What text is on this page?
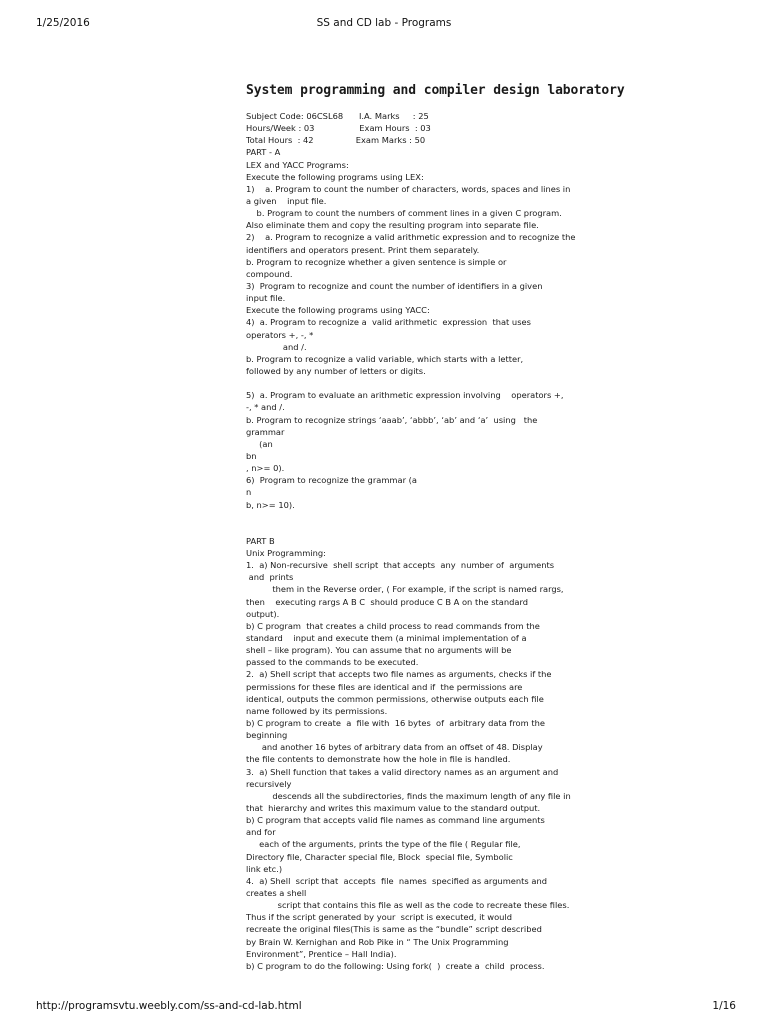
1/25/2016	SS and CD lab - Programs
System programming and compiler design laboratory
Subject Code: 06CSL68      I.A. Marks     : 25
Hours/Week : 03                 Exam Hours  : 03
Total Hours  : 42                Exam Marks : 50
PART - A
LEX and YACC Programs:
Execute the following programs using LEX:
1)    a. Program to count the number of characters, words, spaces and lines in
a given    input file.
b. Program to count the numbers of comment lines in a given C program.
Also eliminate them and copy the resulting program into separate file.
2)    a. Program to recognize a valid arithmetic expression and to recognize the
identifiers and operators present. Print them separately.
b. Program to recognize whether a given sentence is simple or
compound.
3)  Program to recognize and count the number of identifiers in a given
input file.
Execute the following programs using YACC:
4)  a. Program to recognize a  valid arithmetic  expression  that uses
operators +, -, *
and /.
b. Program to recognize a valid variable, which starts with a letter,
followed by any number of letters or digits.
5)  a. Program to evaluate an arithmetic expression involving    operators +,
-, * and /.
b. Program to recognize strings ‘aaab’, ‘abbb’, ‘ab’ and ‘a’  using   the
grammar
(an
bn
, n>= 0).
6)  Program to recognize the grammar (a
n
b, n>= 10).
PART B
Unix Programming:
1.  a) Non-recursive  shell script  that accepts  any  number of  arguments
and  prints
them in the Reverse order, ( For example, if the script is named rargs,
then    executing rargs A B C  should produce C B A on the standard
output).
b) C program  that creates a child process to read commands from the
standard    input and execute them (a minimal implementation of a
shell – like program). You can assume that no arguments will be
passed to the commands to be executed.
2.  a) Shell script that accepts two file names as arguments, checks if the
permissions for these files are identical and if  the permissions are
identical, outputs the common permissions, otherwise outputs each file
name followed by its permissions.
b) C program to create  a  file with  16 bytes  of  arbitrary data from the
beginning
and another 16 bytes of arbitrary data from an offset of 48. Display
the file contents to demonstrate how the hole in file is handled.
3.  a) Shell function that takes a valid directory names as an argument and
recursively
descends all the subdirectories, finds the maximum length of any file in
that  hierarchy and writes this maximum value to the standard output.
b) C program that accepts valid file names as command line arguments
and for
each of the arguments, prints the type of the file ( Regular file,
Directory file, Character special file, Block  special file, Symbolic
link etc.)
4.  a) Shell  script that  accepts  file  names  specified as arguments and
creates a shell
script that contains this file as well as the code to recreate these files.
Thus if the script generated by your  script is executed, it would
recreate the original files(This is same as the “bundle” script described
by Brain W. Kernighan and Rob Pike in “ The Unix Programming
Environment”, Prentice – Hall India).
b) C program to do the following: Using fork(  )  create a  child  process.
http://programsvtu.weebly.com/ss-and-cd-lab.html	1/16
